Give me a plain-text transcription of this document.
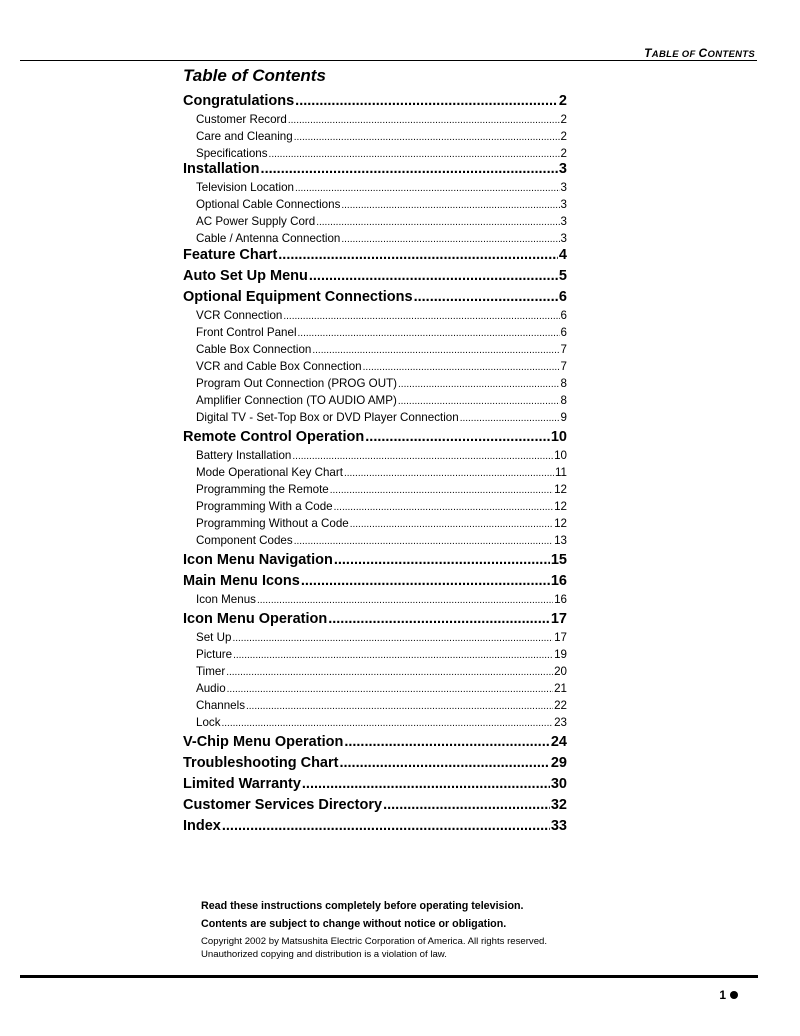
TABLE OF CONTENTS
Table of Contents
Congratulations .....	2
Customer Record .....	2
Care and Cleaning .....	2
Specifications .....	2
Installation .....	3
Television Location .....	3
Optional Cable Connections .....	3
AC Power Supply Cord .....	3
Cable / Antenna Connection .....	3
Feature Chart .....	4
Auto Set Up Menu .....	5
Optional Equipment Connections .....	6
VCR Connection .....	6
Front Control Panel .....	6
Cable Box Connection .....	7
VCR and Cable Box Connection .....	7
Program Out Connection (PROG OUT) .....	8
Amplifier Connection (TO AUDIO AMP) .....	8
Digital TV - Set-Top Box or DVD Player Connection .....	9
Remote Control Operation .....	10
Battery Installation .....	10
Mode Operational Key Chart .....	11
Programming the Remote .....	12
Programming With a Code .....	12
Programming Without a Code .....	12
Component Codes .....	13
Icon Menu Navigation .....	15
Main Menu Icons .....	16
Icon Menus .....	16
Icon Menu Operation .....	17
Set Up .....	17
Picture .....	19
Timer .....	20
Audio .....	21
Channels .....	22
Lock .....	23
V-Chip Menu Operation .....	24
Troubleshooting Chart .....	29
Limited Warranty .....	30
Customer Services Directory .....	32
Index .....	33
Read these instructions completely before operating television.
Contents are subject to change without notice or obligation.
Copyright 2002 by Matsushita Electric Corporation of America. All rights reserved.
Unauthorized copying and distribution is a violation of law.
1
